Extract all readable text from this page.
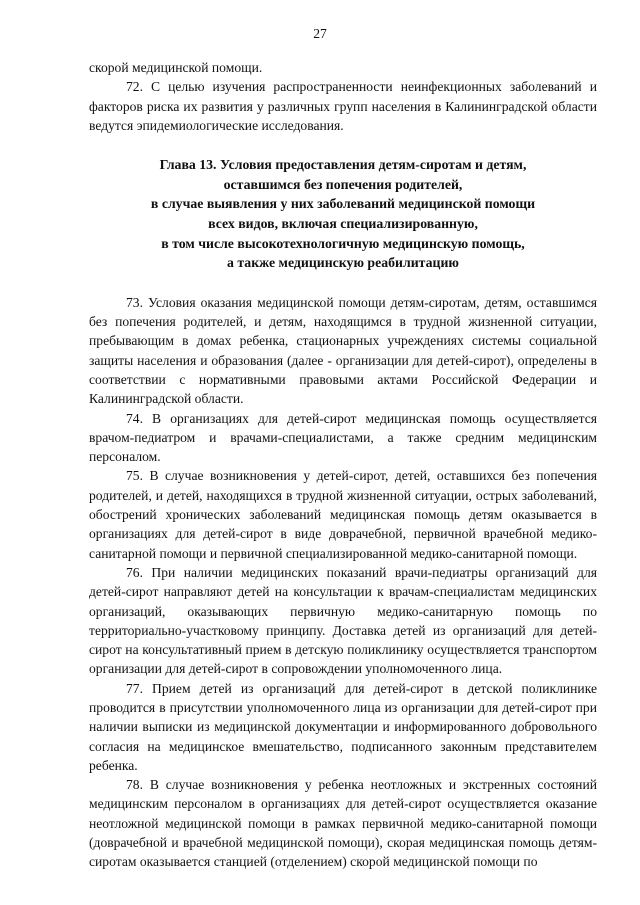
27

скорой медицинской помощи.

72. С целью изучения распространенности неинфекционных заболеваний и факторов риска их развития у различных групп населения в Калининградской области ведутся эпидемиологические исследования.

Глава 13. Условия предоставления детям-сиротам и детям,
оставшимся без попечения родителей,
в случае выявления у них заболеваний медицинской помощи
всех видов, включая специализированную,
в том числе высокотехнологичную медицинскую помощь,
а также медицинскую реабилитацию

73. Условия оказания медицинской помощи детям-сиротам, детям, оставшимся без попечения родителей, и детям, находящимся в трудной жизненной ситуации, пребывающим в домах ребенка, стационарных учреждениях системы социальной защиты населения и образования (далее - организации для детей-сирот), определены в соответствии с нормативными правовыми актами Российской Федерации и Калининградской области.

74. В организациях для детей-сирот медицинская помощь осуществляется врачом-педиатром и врачами-специалистами, а также средним медицинским персоналом.

75. В случае возникновения у детей-сирот, детей, оставшихся без попечения родителей, и детей, находящихся в трудной жизненной ситуации, острых заболеваний, обострений хронических заболеваний медицинская помощь детям оказывается в организациях для детей-сирот в виде доврачебной, первичной врачебной медико-санитарной помощи и первичной специализированной медико-санитарной помощи.

76. При наличии медицинских показаний врачи-педиатры организаций для детей-сирот направляют детей на консультации к врачам-специалистам медицинских организаций, оказывающих первичную медико-санитарную помощь по территориально-участковому принципу. Доставка детей из организаций для детей-сирот на консультативный прием в детскую поликлинику осуществляется транспортом организации для детей-сирот в сопровождении уполномоченного лица.

77. Прием детей из организаций для детей-сирот в детской поликлинике проводится в присутствии уполномоченного лица из организации для детей-сирот при наличии выписки из медицинской документации и информированного добровольного согласия на медицинское вмешательство, подписанного законным представителем ребенка.

78. В случае возникновения у ребенка неотложных и экстренных состояний медицинским персоналом в организациях для детей-сирот осуществляется оказание неотложной медицинской помощи в рамках первичной медико-санитарной помощи (доврачебной и врачебной медицинской помощи), скорая медицинская помощь детям-сиротам оказывается станцией (отделением) скорой медицинской помощи по
